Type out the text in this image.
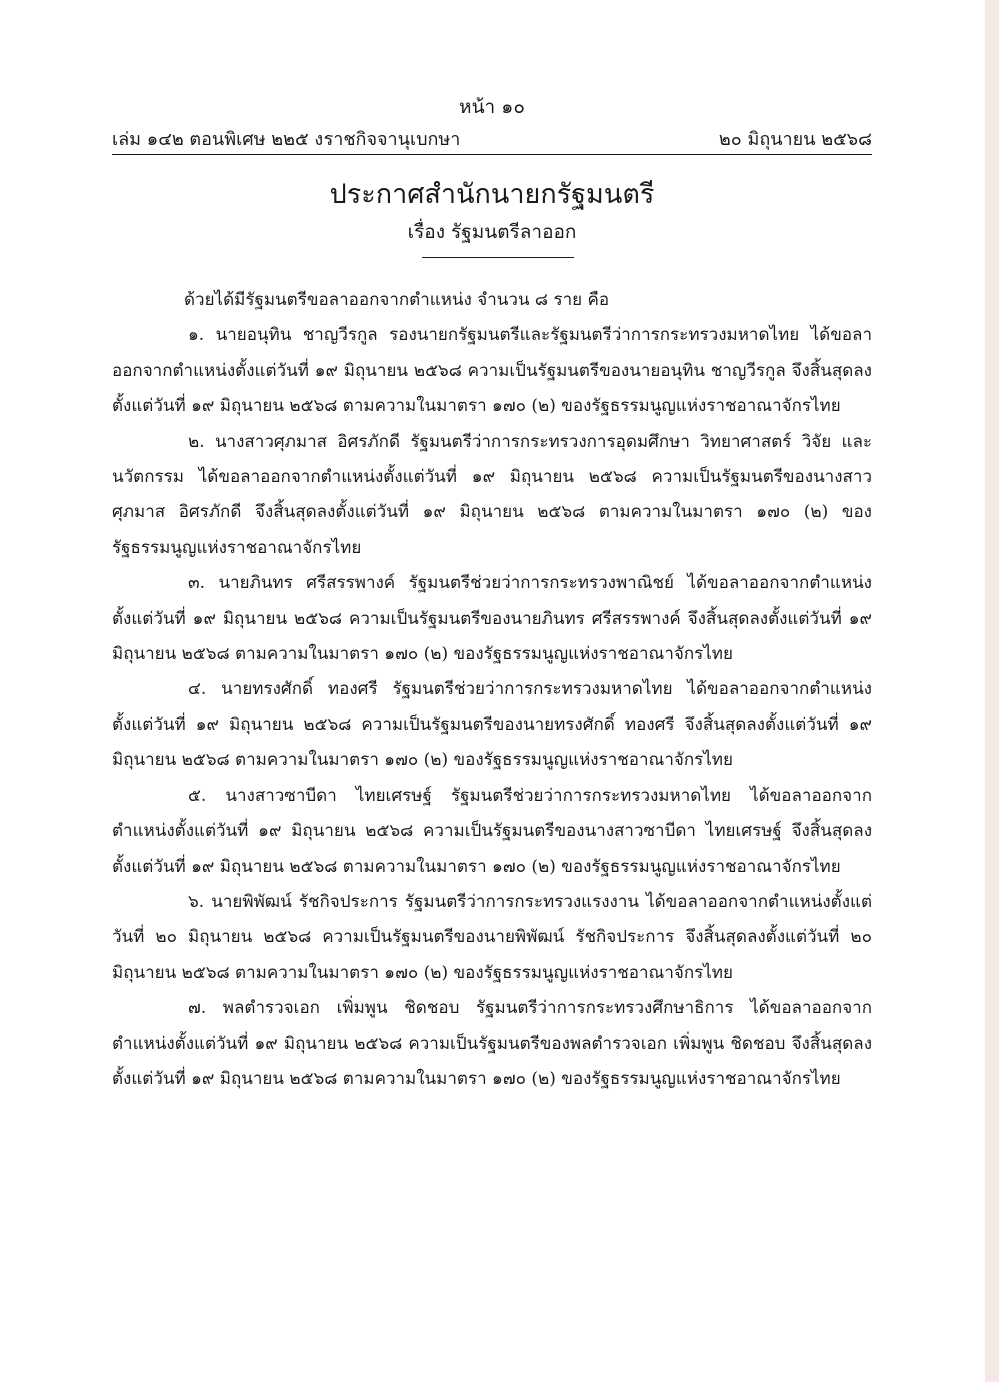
หน้า ๑๐
เล่ม ๑๔๒ ตอนพิเศษ ๒๒๕ ง ราชกิจจานุเบกษา	๒๐ มิถุนายน ๒๕๖๘
ประกาศสำนักนายกรัฐมนตรี
เรื่อง รัฐมนตรีลาออก

ด้วยได้มีรัฐมนตรีขอลาออกจากตำแหน่ง จำนวน ๘ ราย คือ

๑. นายอนุทิน ชาญวีรกูล รองนายกรัฐมนตรีและรัฐมนตรีว่าการกระทรวงมหาดไทย ได้ขอลาออกจากตำแหน่งตั้งแต่วันที่ ๑๙ มิถุนายน ๒๕๖๘ ความเป็นรัฐมนตรีของนายอนุทิน ชาญวีรกูล จึงสิ้นสุดลงตั้งแต่วันที่ ๑๙ มิถุนายน ๒๕๖๘ ตามความในมาตรา ๑๗๐ (๒) ของรัฐธรรมนูญแห่งราชอาณาจักรไทย

๒. นางสาวศุภมาส อิศรภักดี รัฐมนตรีว่าการกระทรวงการอุดมศึกษา วิทยาศาสตร์ วิจัย และนวัตกรรม ได้ขอลาออกจากตำแหน่งตั้งแต่วันที่ ๑๙ มิถุนายน ๒๕๖๘ ความเป็นรัฐมนตรีของนางสาวศุภมาส อิศรภักดี จึงสิ้นสุดลงตั้งแต่วันที่ ๑๙ มิถุนายน ๒๕๖๘ ตามความในมาตรา ๑๗๐ (๒) ของรัฐธรรมนูญแห่งราชอาณาจักรไทย

๓. นายภินทร ศรีสรรพางค์ รัฐมนตรีช่วยว่าการกระทรวงพาณิชย์ ได้ขอลาออกจากตำแหน่งตั้งแต่วันที่ ๑๙ มิถุนายน ๒๕๖๘ ความเป็นรัฐมนตรีของนายภินทร ศรีสรรพางค์ จึงสิ้นสุดลงตั้งแต่วันที่ ๑๙ มิถุนายน ๒๕๖๘ ตามความในมาตรา ๑๗๐ (๒) ของรัฐธรรมนูญแห่งราชอาณาจักรไทย

๔. นายทรงศักดิ์ ทองศรี รัฐมนตรีช่วยว่าการกระทรวงมหาดไทย ได้ขอลาออกจากตำแหน่งตั้งแต่วันที่ ๑๙ มิถุนายน ๒๕๖๘ ความเป็นรัฐมนตรีของนายทรงศักดิ์ ทองศรี จึงสิ้นสุดลงตั้งแต่วันที่ ๑๙ มิถุนายน ๒๕๖๘ ตามความในมาตรา ๑๗๐ (๒) ของรัฐธรรมนูญแห่งราชอาณาจักรไทย

๕. นางสาวซาบีดา ไทยเศรษฐ์ รัฐมนตรีช่วยว่าการกระทรวงมหาดไทย ได้ขอลาออกจากตำแหน่งตั้งแต่วันที่ ๑๙ มิถุนายน ๒๕๖๘ ความเป็นรัฐมนตรีของนางสาวซาบีดา ไทยเศรษฐ์ จึงสิ้นสุดลงตั้งแต่วันที่ ๑๙ มิถุนายน ๒๕๖๘ ตามความในมาตรา ๑๗๐ (๒) ของรัฐธรรมนูญแห่งราชอาณาจักรไทย

๖. นายพิพัฒน์ รัชกิจประการ รัฐมนตรีว่าการกระทรวงแรงงาน ได้ขอลาออกจากตำแหน่งตั้งแต่วันที่ ๒๐ มิถุนายน ๒๕๖๘ ความเป็นรัฐมนตรีของนายพิพัฒน์ รัชกิจประการ จึงสิ้นสุดลงตั้งแต่วันที่ ๒๐ มิถุนายน ๒๕๖๘ ตามความในมาตรา ๑๗๐ (๒) ของรัฐธรรมนูญแห่งราชอาณาจักรไทย

๗. พลตำรวจเอก เพิ่มพูน ชิดชอบ รัฐมนตรีว่าการกระทรวงศึกษาธิการ ได้ขอลาออกจากตำแหน่งตั้งแต่วันที่ ๑๙ มิถุนายน ๒๕๖๘ ความเป็นรัฐมนตรีของพลตำรวจเอก เพิ่มพูน ชิดชอบ จึงสิ้นสุดลงตั้งแต่วันที่ ๑๙ มิถุนายน ๒๕๖๘ ตามความในมาตรา ๑๗๐ (๒) ของรัฐธรรมนูญแห่งราชอาณาจักรไทย
